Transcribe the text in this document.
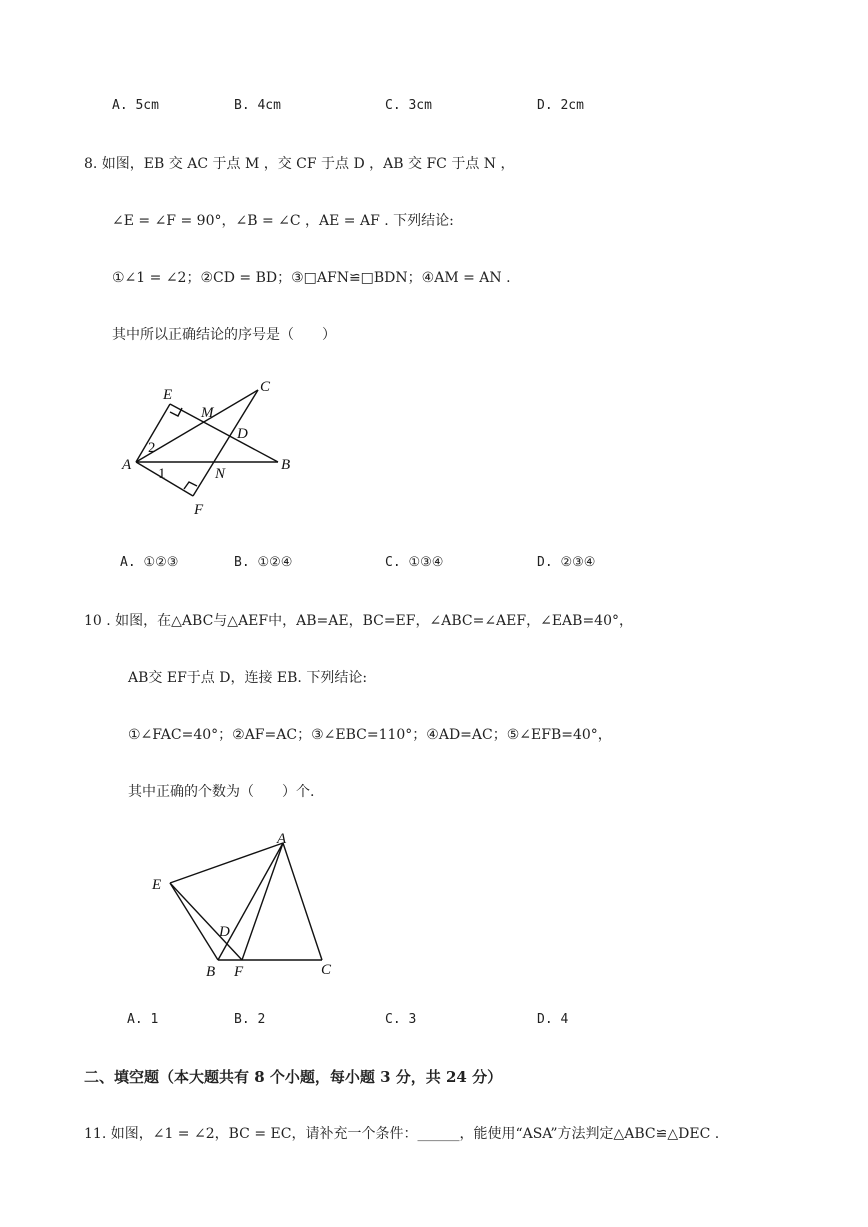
A. 5cm	B. 4cm	C. 3cm	D. 2cm
8. 如图，EB 交 AC 于点 M ，交 CF 于点 D ，AB 交 FC 于点 N ，
∠E = ∠F = 90°，∠B = ∠C ，AE = AF . 下列结论:
①∠1 = ∠2；②CD = BD；③□AFN≌□BDN；④AM = AN .
其中所以正确结论的序号是（　　）
E	C
M
D
2
A
1	N
B
F
A. ①②③	B. ①②④	C. ①③④	D. ②③④
10 . 如图，在△ABC与△AEF中，AB=AE，BC=EF，∠ABC=∠AEF，∠EAB=40°，
AB交 EF于点 D，连接 EB. 下列结论:
①∠FAC=40°；②AF=AC；③∠EBC=110°；④AD=AC；⑤∠EFB=40°，
其中正确的个数为（　　）个.
A
E
D
B F	C
A. 1	B. 2	C. 3	D. 4
二、填空题（本大题共有 8 个小题，每小题 3 分，共 24 分）
11. 如图，∠1 = ∠2，BC = EC，请补充一个条件：______，能使用“ASA”方法判定△ABC≌△DEC .
